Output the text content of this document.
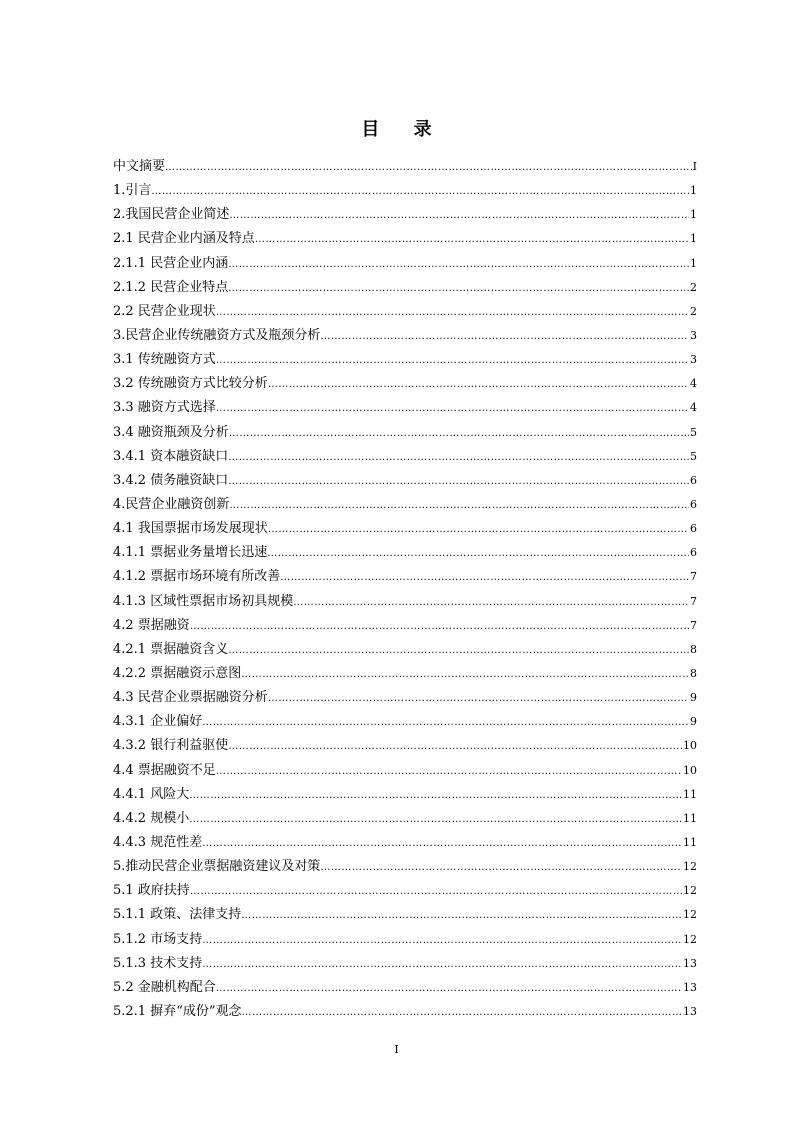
目 录
中文摘要 …………………………………………………………………………………………………………………………………………………………………………………………………	I
1.引言 …………………………………………………………………………………………………………………………………………………………………………………………………	1
2.我国民营企业简述 …………………………………………………………………………………………………………………………………………………………………………………………………	1
2.1 民营企业内涵及特点 …………………………………………………………………………………………………………………………………………………………………………………………………	1
2.1.1 民营企业内涵 …………………………………………………………………………………………………………………………………………………………………………………………………	1
2.1.2 民营企业特点 …………………………………………………………………………………………………………………………………………………………………………………………………	2
2.2 民营企业现状 …………………………………………………………………………………………………………………………………………………………………………………………………	2
3.民营企业传统融资方式及瓶颈分析 …………………………………………………………………………………………………………………………………………………………………………………………………	3
3.1 传统融资方式 …………………………………………………………………………………………………………………………………………………………………………………………………	3
3.2 传统融资方式比较分析 …………………………………………………………………………………………………………………………………………………………………………………………………	4
3.3 融资方式选择 …………………………………………………………………………………………………………………………………………………………………………………………………	4
3.4 融资瓶颈及分析 …………………………………………………………………………………………………………………………………………………………………………………………………	5
3.4.1 资本融资缺口 …………………………………………………………………………………………………………………………………………………………………………………………………	5
3.4.2 债务融资缺口 …………………………………………………………………………………………………………………………………………………………………………………………………	6
4.民营企业融资创新 …………………………………………………………………………………………………………………………………………………………………………………………………	6
4.1 我国票据市场发展现状 …………………………………………………………………………………………………………………………………………………………………………………………………	6
4.1.1 票据业务量增长迅速 …………………………………………………………………………………………………………………………………………………………………………………………………	6
4.1.2 票据市场环境有所改善 …………………………………………………………………………………………………………………………………………………………………………………………………	7
4.1.3 区域性票据市场初具规模 …………………………………………………………………………………………………………………………………………………………………………………………………	7
4.2 票据融资 …………………………………………………………………………………………………………………………………………………………………………………………………	7
4.2.1 票据融资含义 …………………………………………………………………………………………………………………………………………………………………………………………………	8
4.2.2 票据融资示意图 …………………………………………………………………………………………………………………………………………………………………………………………………	8
4.3 民营企业票据融资分析 …………………………………………………………………………………………………………………………………………………………………………………………………	9
4.3.1 企业偏好 …………………………………………………………………………………………………………………………………………………………………………………………………	9
4.3.2 银行利益驱使 …………………………………………………………………………………………………………………………………………………………………………………………………	10
4.4 票据融资不足 …………………………………………………………………………………………………………………………………………………………………………………………………	10
4.4.1 风险大 …………………………………………………………………………………………………………………………………………………………………………………………………	11
4.4.2 规模小 …………………………………………………………………………………………………………………………………………………………………………………………………	11
4.4.3 规范性差 …………………………………………………………………………………………………………………………………………………………………………………………………	11
5.推动民营企业票据融资建议及对策 …………………………………………………………………………………………………………………………………………………………………………………………………	12
5.1 政府扶持 …………………………………………………………………………………………………………………………………………………………………………………………………	12
5.1.1 政策、法律支持 …………………………………………………………………………………………………………………………………………………………………………………………………	12
5.1.2 市场支持 …………………………………………………………………………………………………………………………………………………………………………………………………	12
5.1.3 技术支持 …………………………………………………………………………………………………………………………………………………………………………………………………	13
5.2 金融机构配合 …………………………………………………………………………………………………………………………………………………………………………………………………	13
5.2.1 摒弃“成份”观念 …………………………………………………………………………………………………………………………………………………………………………………………………	13
I
